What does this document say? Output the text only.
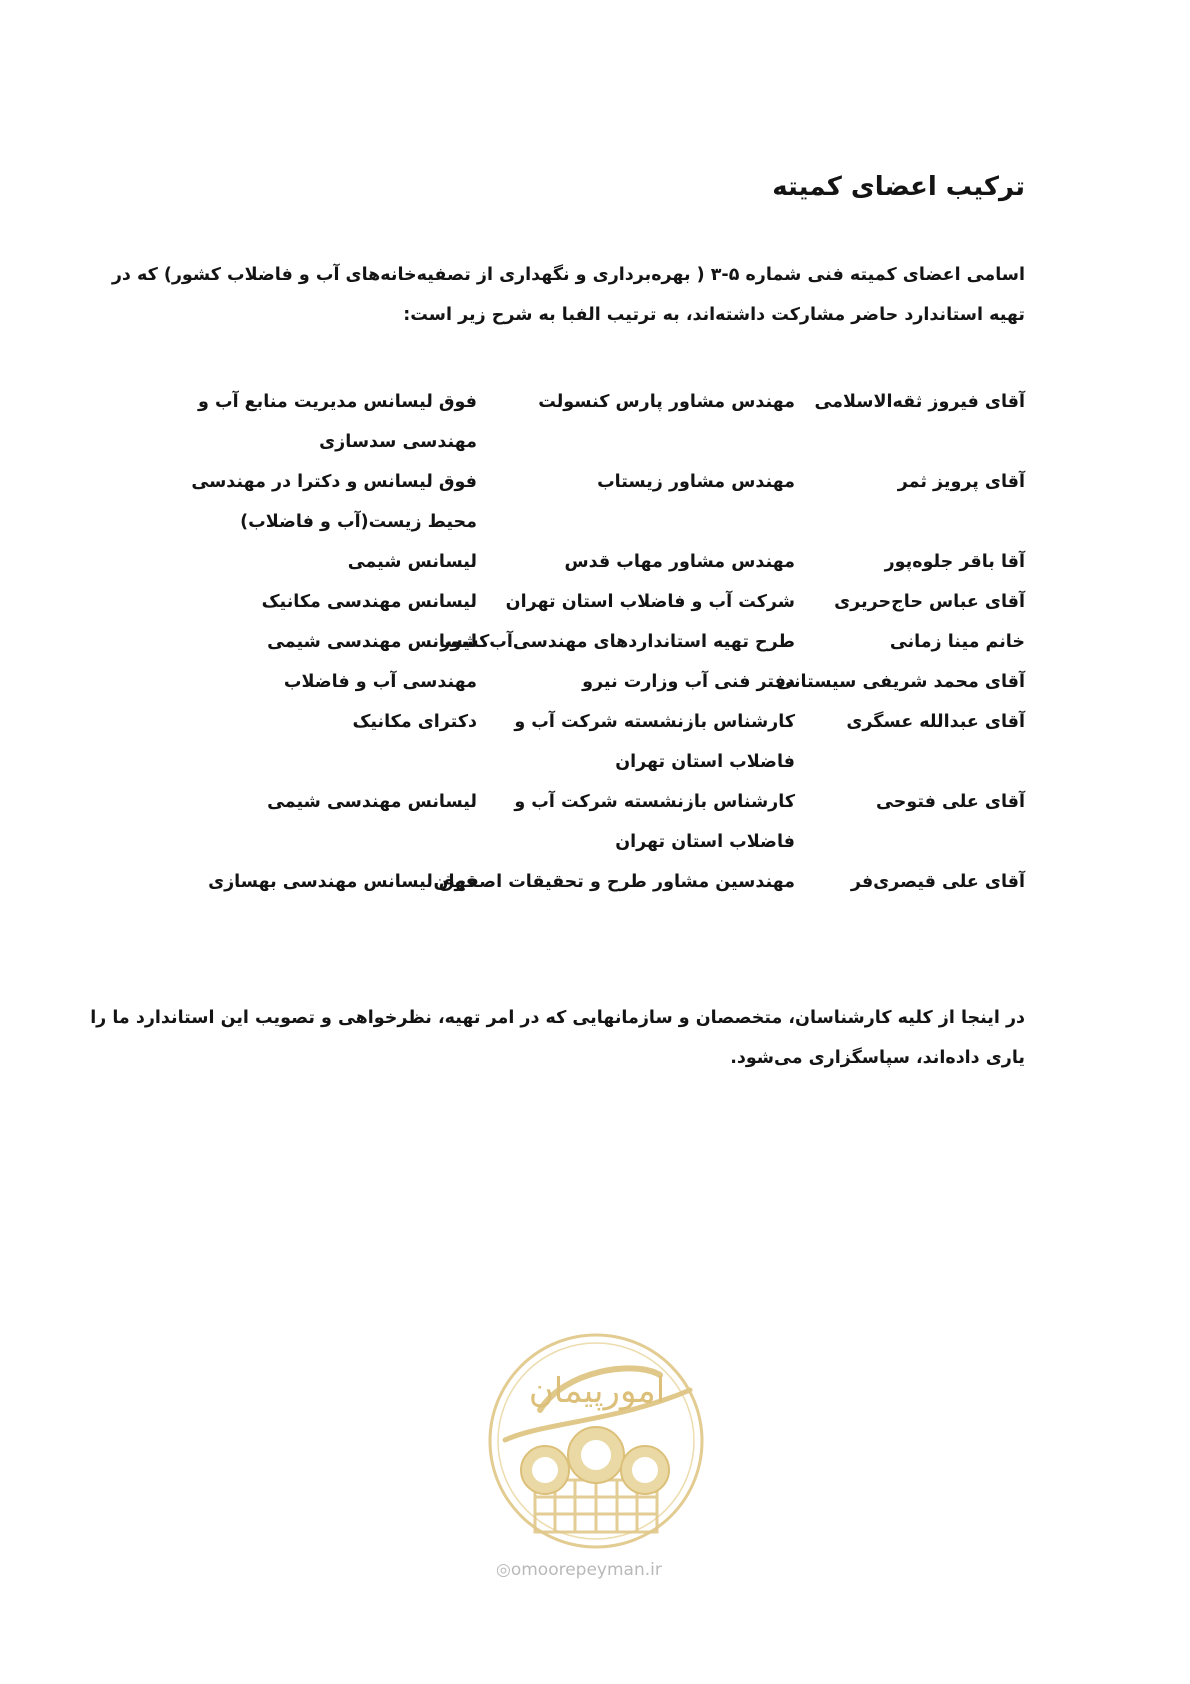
ترکیب اعضای کمیته
اسامی اعضای کمیته فنی شماره ۵-۳ ( بهره‌برداری و نگهداری از تصفیه‌خانه‌های آب و فاضلاب کشور) که در
تهیه استاندارد حاضر مشارکت داشته‌اند، به ترتیب الفبا به شرح زیر است:
آقای فیروز ثقه‌الاسلامی
مهندس مشاور پارس کنسولت
فوق لیسانس مدیریت منابع آب و
مهندسی سدسازی
آقای پرویز ثمر
مهندس مشاور زیستاب
فوق لیسانس و دکترا در مهندسی
محیط زیست(آب و فاضلاب)
آقا باقر جلوه‌پور
مهندس مشاور مهاب قدس
لیسانس شیمی
آقای عباس حاج‌حریری
شرکت آب و فاضلاب استان تهران
لیسانس مهندسی مکانیک
خانم مینا زمانی
طرح تهیه استانداردهای مهندسی‌آب‌کشور
لیسانس مهندسی شیمی
آقای محمد شریفی سیستانی
دفتر فنی آب وزارت نیرو
مهندسی آب و فاضلاب
آقای عبدالله عسگری
کارشناس بازنشسته شرکت آب و
فاضلاب استان تهران
دکترای مکانیک
آقای علی فتوحی
کارشناس بازنشسته شرکت آب و
فاضلاب استان تهران
لیسانس مهندسی شیمی
آقای علی قیصری‌فر
مهندسین مشاور طرح و تحقیقات اصفهان
فوق لیسانس مهندسی بهسازی
در اینجا از کلیه کارشناسان، متخصصان و سازمانهایی که در امر تهیه، نظرخواهی و تصویب این استاندارد ما را
یاری داده‌اند، سپاسگزاری می‌شود.
امورپیمان
◎omoorepeyman.ir
